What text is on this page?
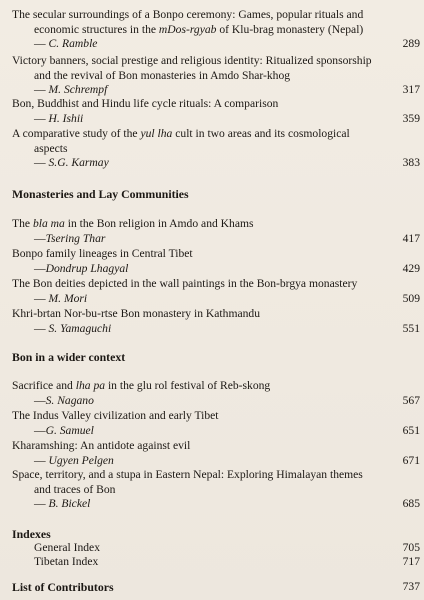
The secular surroundings of a Bonpo ceremony: Games, popular rituals and
economic structures in the mDos-rgyab of Klu-brag monastery (Nepal)
— C. Ramble	289
Victory banners, social prestige and religious identity: Ritualized sponsorship
and the revival of Bon monasteries in Amdo Shar-khog
— M. Schrempf	317
Bon, Buddhist and Hindu life cycle rituals: A comparison
— H. Ishii	359
A comparative study of the yul lha cult in two areas and its cosmological
aspects
— S.G. Karmay	383
Monasteries and Lay Communities
The bla ma in the Bon religion in Amdo and Khams
—Tsering Thar	417
Bonpo family lineages in Central Tibet
—Dondrup Lhagyal	429
The Bon deities depicted in the wall paintings in the Bon-brgya monastery
— M. Mori	509
Khri-brtan Nor-bu-rtse Bon monastery in Kathmandu
— S. Yamaguchi	551
Bon in a wider context
Sacrifice and lha pa in the glu rol festival of Reb-skong
—S. Nagano	567
The Indus Valley civilization and early Tibet
—G. Samuel	651
Kharamshing: An antidote against evil
— Ugyen Pelgen	671
Space, territory, and a stupa in Eastern Nepal: Exploring Himalayan themes
and traces of Bon
— B. Bickel	685
Indexes
General Index	705
Tibetan Index	717
List of Contributors	737
